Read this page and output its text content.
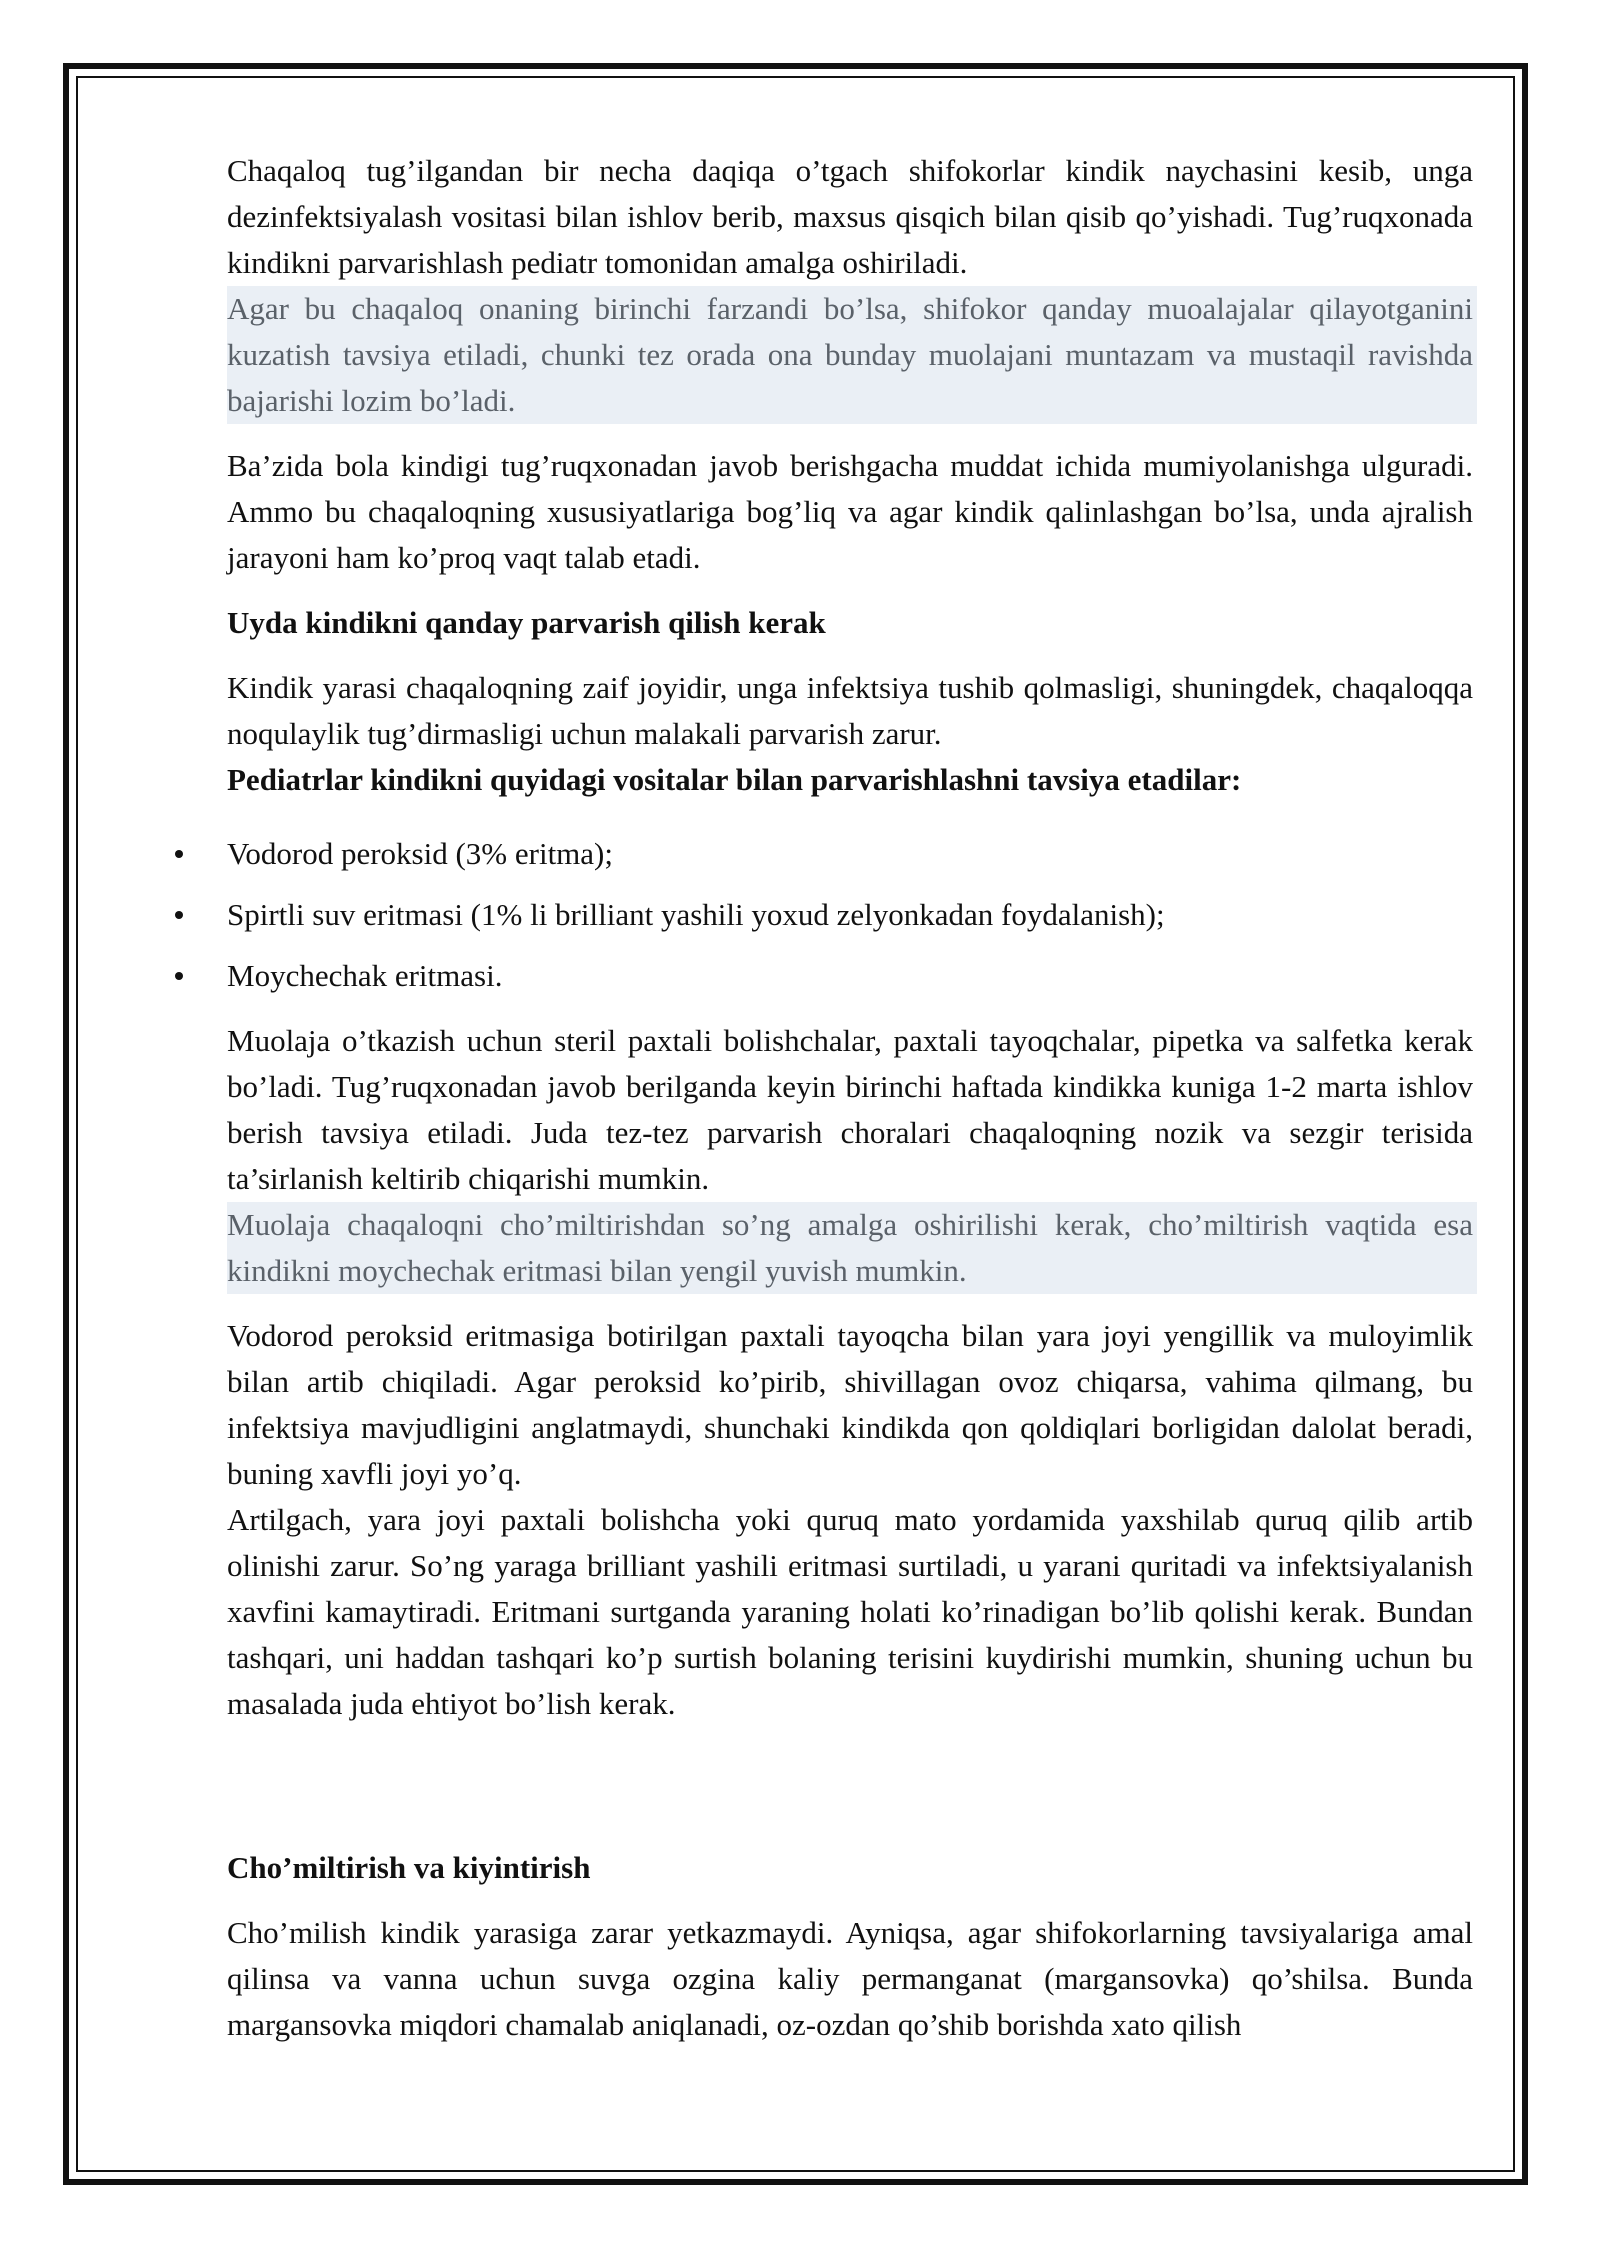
Chaqaloq tug’ilgandan bir necha daqiqa o’tgach shifokorlar kindik naychasini kesib, unga dezinfektsiyalash vositasi bilan ishlov berib, maxsus qisqich bilan qisib qo’yishadi. Tug’ruqxonada kindikni parvarishlash pediatr tomonidan amalga oshiriladi.

Agar bu chaqaloq onaning birinchi farzandi bo’lsa, shifokor qanday muoalajalar qilayotganini kuzatish tavsiya etiladi, chunki tez orada ona bunday muolajani muntazam va mustaqil ravishda bajarishi lozim bo’ladi.

Ba’zida bola kindigi tug’ruqxonadan javob berishgacha muddat ichida mumiyolanishga ulguradi. Ammo bu chaqaloqning xususiyatlariga bog’liq va agar kindik qalinlashgan bo’lsa, unda ajralish jarayoni ham ko’proq vaqt talab etadi.

Uyda kindikni qanday parvarish qilish kerak

Kindik yarasi chaqaloqning zaif joyidir, unga infektsiya tushib qolmasligi, shuningdek, chaqaloqqa noqulaylik tug’dirmasligi uchun malakali parvarish zarur.

Pediatrlar kindikni quyidagi vositalar bilan parvarishlashni tavsiya etadilar:

Vodorod peroksid (3% eritma);
Spirtli suv eritmasi (1% li brilliant yashili yoxud zelyonkadan foydalanish);
Moychechak eritmasi.

Muolaja o’tkazish uchun steril paxtali bolishchalar, paxtali tayoqchalar, pipetka va salfetka kerak bo’ladi. Tug’ruqxonadan javob berilganda keyin birinchi haftada kindikka kuniga 1-2 marta ishlov berish tavsiya etiladi. Juda tez-tez parvarish choralari chaqaloqning nozik va sezgir terisida ta’sirlanish keltirib chiqarishi mumkin.

Muolaja chaqaloqni cho’miltirishdan so’ng amalga oshirilishi kerak, cho’miltirish vaqtida esa kindikni moychechak eritmasi bilan yengil yuvish mumkin.

Vodorod peroksid eritmasiga botirilgan paxtali tayoqcha bilan yara joyi yengillik va muloyimlik bilan artib chiqiladi. Agar peroksid ko’pirib, shivillagan ovoz chiqarsa, vahima qilmang, bu infektsiya mavjudligini anglatmaydi, shunchaki kindikda qon qoldiqlari borligidan dalolat beradi, buning xavfli joyi yo’q.

Artilgach, yara joyi paxtali bolishcha yoki quruq mato yordamida yaxshilab quruq qilib artib olinishi zarur. So’ng yaraga brilliant yashili eritmasi surtiladi, u yarani quritadi va infektsiyalanish xavfini kamaytiradi. Eritmani surtganda yaraning holati ko’rinadigan bo’lib qolishi kerak. Bundan tashqari, uni haddan tashqari ko’p surtish bolaning terisini kuydirishi mumkin, shuning uchun bu masalada juda ehtiyot bo’lish kerak.

Cho’miltirish va kiyintirish

Cho’milish kindik yarasiga zarar yetkazmaydi. Ayniqsa, agar shifokorlarning tavsiyalariga amal qilinsa va vanna uchun suvga ozgina kaliy permanganat (margansovka) qo’shilsa. Bunda margansovka miqdori chamalab aniqlanadi, oz-ozdan qo’shib borishda xato qilish
